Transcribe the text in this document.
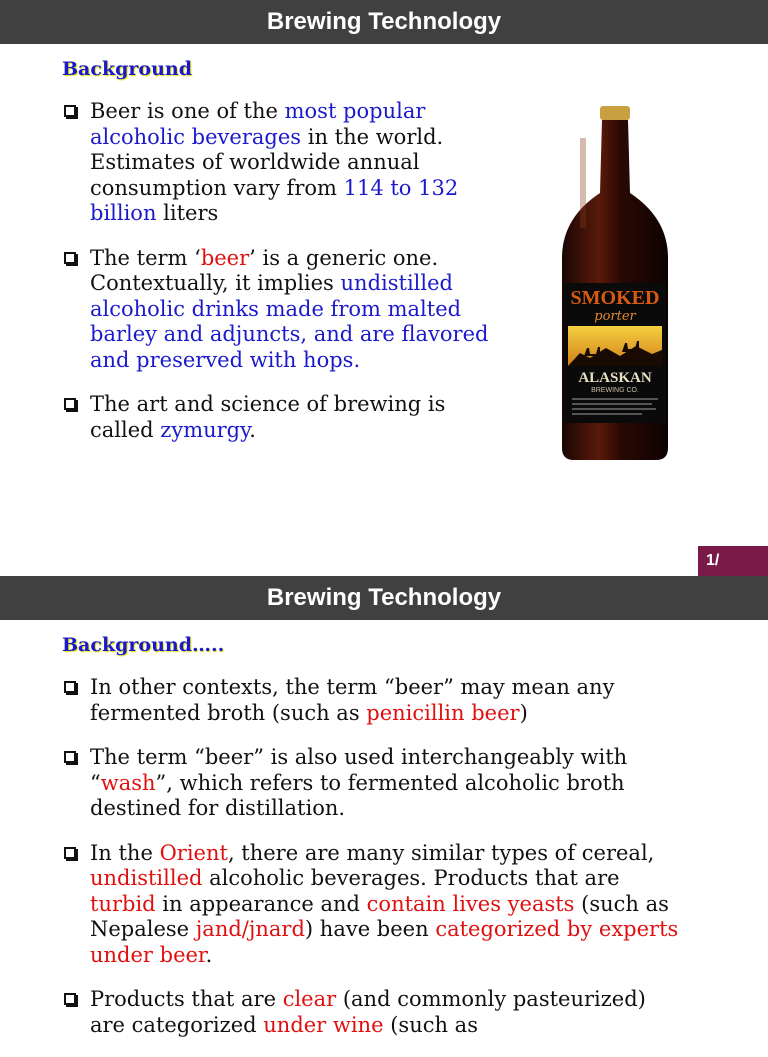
Brewing Technology
Background
Beer is one of the most popular alcoholic beverages in the world. Estimates of worldwide annual consumption vary from 114 to 132 billion liters
The term ‘beer’ is a generic one. Contextually, it implies undistilled alcoholic drinks made from malted barley and adjuncts, and are flavored and preserved with hops.
The art and science of brewing is called zymurgy.
SMOKED
porter
ALASKAN
BREWING CO.
1/
Brewing Technology
Background…..
In other contexts, the term “beer” may mean any fermented broth (such as penicillin beer)
The term “beer” is also used interchangeably with “wash”, which refers to fermented alcoholic broth destined for distillation.
In the Orient, there are many similar types of cereal, undistilled alcoholic beverages. Products that are turbid in appearance and contain lives yeasts (such as Nepalese jand/jnard) have been categorized by experts under beer.
Products that are clear (and commonly pasteurized) are categorized under wine (such as
